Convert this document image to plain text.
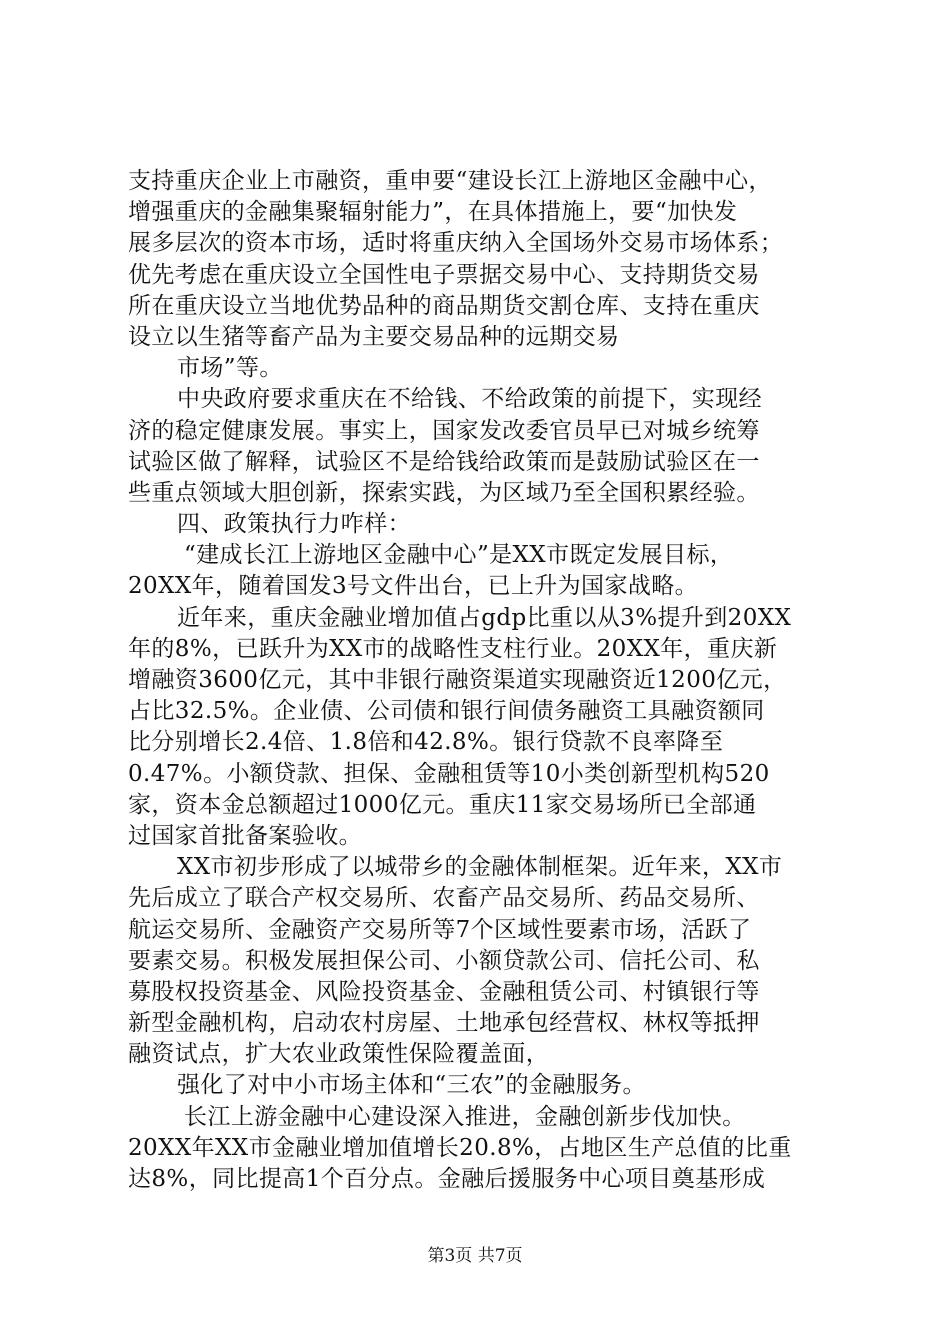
支持重庆企业上市融资，重申要“建设长江上游地区金融中心，
增强重庆的金融集聚辐射能力”，在具体措施上，要“加快发
展多层次的资本市场，适时将重庆纳入全国场外交易市场体系；
优先考虑在重庆设立全国性电子票据交易中心、支持期货交易
所在重庆设立当地优势品种的商品期货交割仓库、支持在重庆
设立以生猪等畜产品为主要交易品种的远期交易
市场”等。
中央政府要求重庆在不给钱、不给政策的前提下，实现经
济的稳定健康发展。事实上，国家发改委官员早已对城乡统筹
试验区做了解释，试验区不是给钱给政策而是鼓励试验区在一
些重点领域大胆创新，探索实践，为区域乃至全国积累经验。
四、政策执行力咋样：
“建成长江上游地区金融中心”是XX市既定发展目标，
20XX年，随着国发3号文件出台，已上升为国家战略。
近年来，重庆金融业增加值占gdp比重以从3%提升到20XX
年的8%，已跃升为XX市的战略性支柱行业。20XX年，重庆新
增融资3600亿元，其中非银行融资渠道实现融资近1200亿元，
占比32.5%。企业债、公司债和银行间债务融资工具融资额同
比分别增长2.4倍、1.8倍和42.8%。银行贷款不良率降至
0.47%。小额贷款、担保、金融租赁等10小类创新型机构520
家，资本金总额超过1000亿元。重庆11家交易场所已全部通
过国家首批备案验收。
XX市初步形成了以城带乡的金融体制框架。近年来，XX市
先后成立了联合产权交易所、农畜产品交易所、药品交易所、
航运交易所、金融资产交易所等7个区域性要素市场，活跃了
要素交易。积极发展担保公司、小额贷款公司、信托公司、私
募股权投资基金、风险投资基金、金融租赁公司、村镇银行等
新型金融机构，启动农村房屋、土地承包经营权、林权等抵押
融资试点，扩大农业政策性保险覆盖面，
强化了对中小市场主体和“三农”的金融服务。
长江上游金融中心建设深入推进，金融创新步伐加快。
20XX年XX市金融业增加值增长20.8%，占地区生产总值的比重
达8%，同比提高1个百分点。金融后援服务中心项目奠基形成
第3页 共7页
